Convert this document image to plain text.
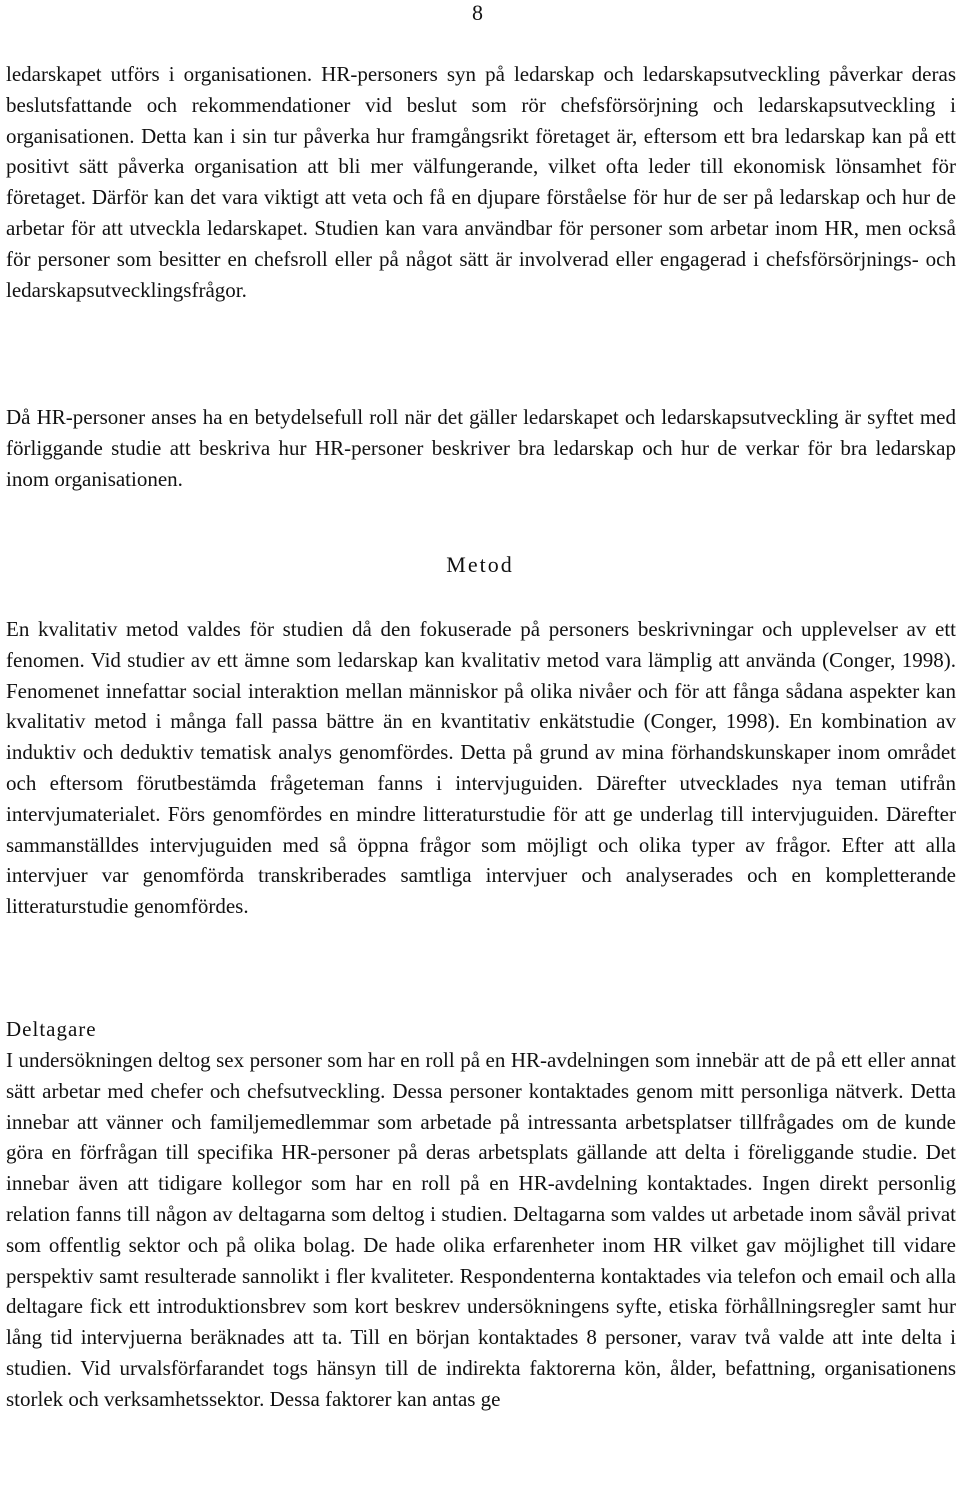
8

ledarskapet utförs i organisationen. HR-personers syn på ledarskap och ledarskapsutveckling påverkar deras beslutsfattande och rekommendationer vid beslut som rör chefsförsörjning och ledarskapsutveckling i organisationen. Detta kan i sin tur påverka hur framgångsrikt företaget är, eftersom ett bra ledarskap kan på ett positivt sätt påverka organisation att bli mer välfungerande, vilket ofta leder till ekonomisk lönsamhet för företaget. Därför kan det vara viktigt att veta och få en djupare förståelse för hur de ser på ledarskap och hur de arbetar för att utveckla ledarskapet. Studien kan vara användbar för personer som arbetar inom HR, men också för personer som besitter en chefsroll eller på något sätt är involverad eller engagerad i chefsförsörjnings- och ledarskapsutvecklingsfrågor.

Då HR-personer anses ha en betydelsefull roll när det gäller ledarskapet och ledarskapsutveckling är syftet med förliggande studie att beskriva hur HR-personer beskriver bra ledarskap och hur de verkar för bra ledarskap inom organisationen.

Metod

En kvalitativ metod valdes för studien då den fokuserade på personers beskrivningar och upplevelser av ett fenomen. Vid studier av ett ämne som ledarskap kan kvalitativ metod vara lämplig att använda (Conger, 1998). Fenomenet innefattar social interaktion mellan människor på olika nivåer och för att fånga sådana aspekter kan kvalitativ metod i många fall passa bättre än en kvantitativ enkätstudie (Conger, 1998). En kombination av induktiv och deduktiv tematisk analys genomfördes. Detta på grund av mina förhandskunskaper inom området och eftersom förutbestämda frågeteman fanns i intervjuguiden. Därefter utvecklades nya teman utifrån intervjumaterialet. Förs genomfördes en mindre litteraturstudie för att ge underlag till intervjuguiden. Därefter sammanställdes intervjuguiden med så öppna frågor som möjligt och olika typer av frågor. Efter att alla intervjuer var genomförda transkriberades samtliga intervjuer och analyserades och en kompletterande litteraturstudie genomfördes.

Deltagare

I undersökningen deltog sex personer som har en roll på en HR-avdelningen som innebär att de på ett eller annat sätt arbetar med chefer och chefsutveckling. Dessa personer kontaktades genom mitt personliga nätverk. Detta innebar att vänner och familjemedlemmar som arbetade på intressanta arbetsplatser tillfrågades om de kunde göra en förfrågan till specifika HR-personer på deras arbetsplats gällande att delta i föreliggande studie. Det innebar även att tidigare kollegor som har en roll på en HR-avdelning kontaktades. Ingen direkt personlig relation fanns till någon av deltagarna som deltog i studien. Deltagarna som valdes ut arbetade inom såväl privat som offentlig sektor och på olika bolag. De hade olika erfarenheter inom HR vilket gav möjlighet till vidare perspektiv samt resulterade sannolikt i fler kvaliteter. Respondenterna kontaktades via telefon och email och alla deltagare fick ett introduktionsbrev som kort beskrev undersökningens syfte, etiska förhållningsregler samt hur lång tid intervjuerna beräknades att ta. Till en början kontaktades 8 personer, varav två valde att inte delta i studien. Vid urvalsförfarandet togs hänsyn till de indirekta faktorerna kön, ålder, befattning, organisationens storlek och verksamhetssektor. Dessa faktorer kan antas ge
